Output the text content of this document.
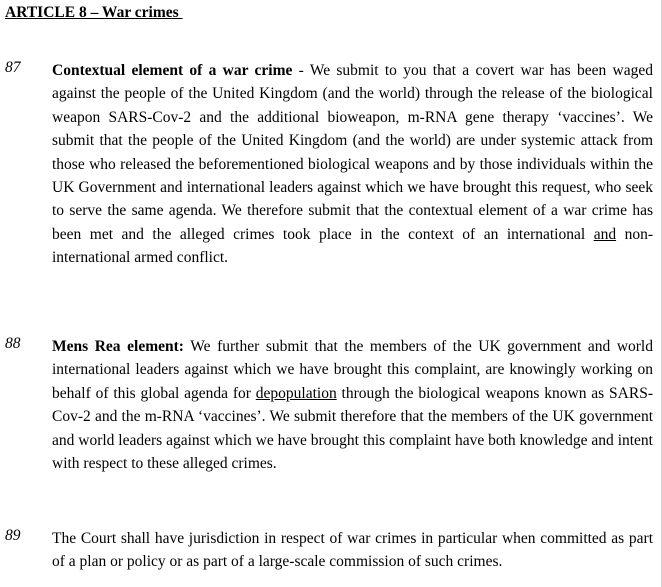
ARTICLE 8 – War crimes
87 Contextual element of a war crime - We submit to you that a covert war has been waged against the people of the United Kingdom (and the world) through the release of the biological weapon SARS-Cov-2 and the additional bioweapon, m-RNA gene therapy ‘vaccines’. We submit that the people of the United Kingdom (and the world) are under systemic attack from those who released the beforementioned biological weapons and by those individuals within the UK Government and international leaders against which we have brought this request, who seek to serve the same agenda. We therefore submit that the contextual element of a war crime has been met and the alleged crimes took place in the context of an international and non-international armed conflict.
88 Mens Rea element: We further submit that the members of the UK government and world international leaders against which we have brought this complaint, are knowingly working on behalf of this global agenda for depopulation through the biological weapons known as SARS-Cov-2 and the m-RNA ‘vaccines’. We submit therefore that the members of the UK government and world leaders against which we have brought this complaint have both knowledge and intent with respect to these alleged crimes.
89 The Court shall have jurisdiction in respect of war crimes in particular when committed as part of a plan or policy or as part of a large-scale commission of such crimes.
